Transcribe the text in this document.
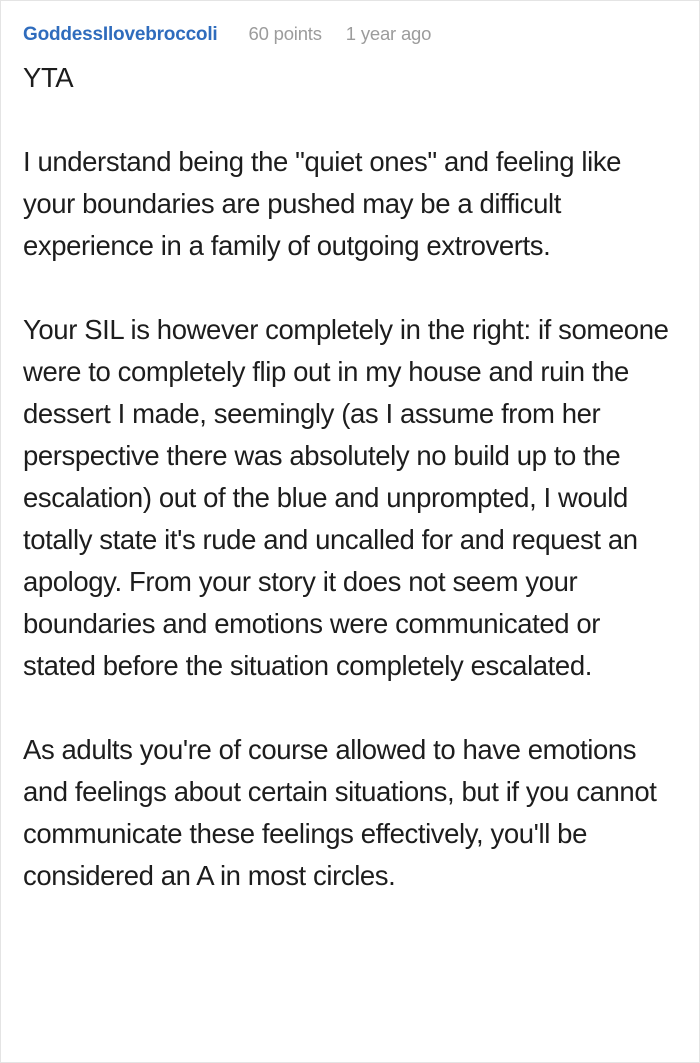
GoddessIlovebroccoli 60 points 1 year ago

YTA

I understand being the "quiet ones" and feeling like your boundaries are pushed may be a difficult experience in a family of outgoing extroverts.

Your SIL is however completely in the right: if someone were to completely flip out in my house and ruin the dessert I made, seemingly (as I assume from her perspective there was absolutely no build up to the escalation) out of the blue and unprompted, I would totally state it's rude and uncalled for and request an apology. From your story it does not seem your boundaries and emotions were communicated or stated before the situation completely escalated.

As adults you're of course allowed to have emotions and feelings about certain situations, but if you cannot communicate these feelings effectively, you'll be considered an A in most circles.
